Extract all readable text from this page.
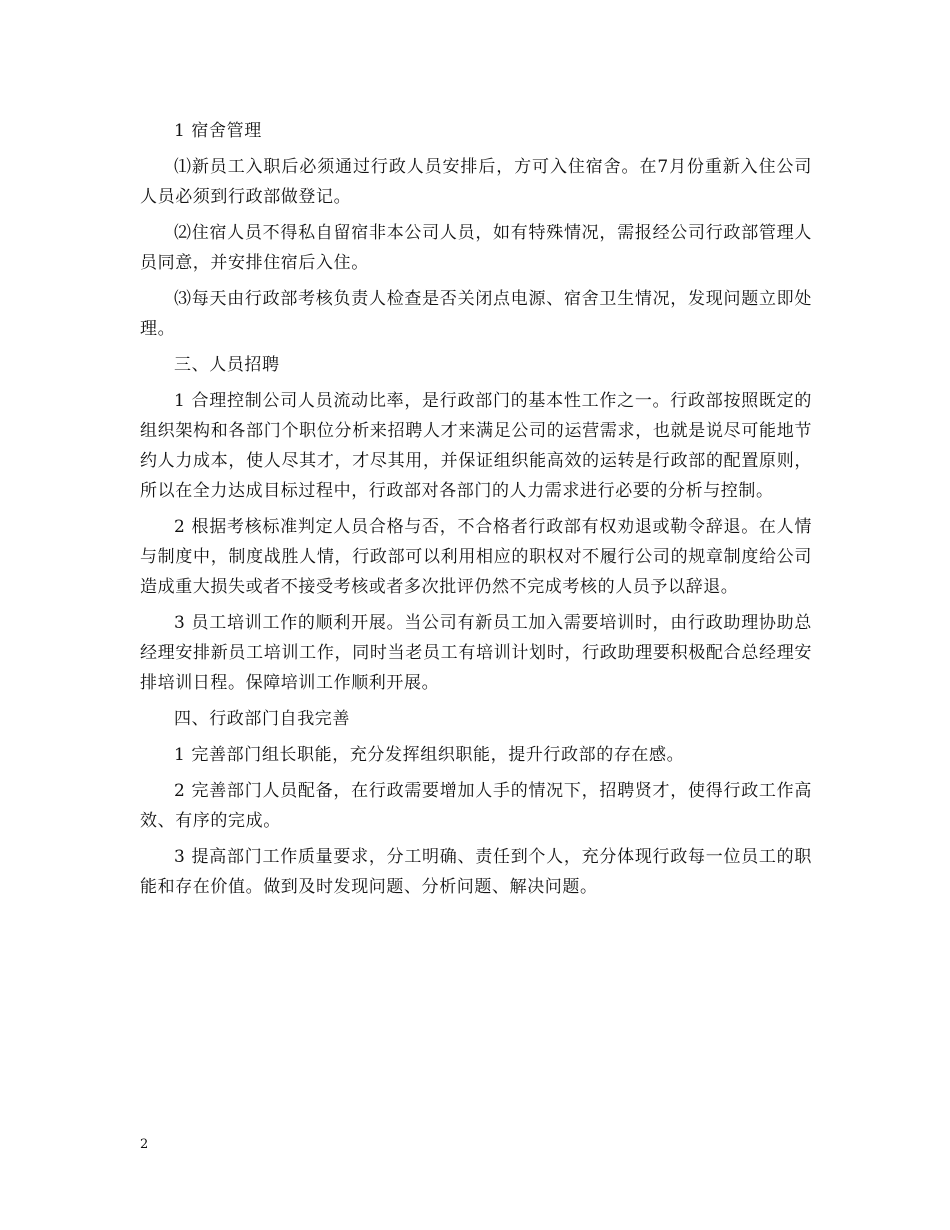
1 宿舍管理

⑴新员工入职后必须通过行政人员安排后，方可入住宿舍。在7月份重新入住公司人员必须到行政部做登记。

⑵住宿人员不得私自留宿非本公司人员，如有特殊情况，需报经公司行政部管理人员同意，并安排住宿后入住。

⑶每天由行政部考核负责人检查是否关闭点电源、宿舍卫生情况，发现问题立即处理。

三、人员招聘

1 合理控制公司人员流动比率，是行政部门的基本性工作之一。行政部按照既定的组织架构和各部门个职位分析来招聘人才来满足公司的运营需求，也就是说尽可能地节约人力成本，使人尽其才，才尽其用，并保证组织能高效的运转是行政部的配置原则，所以在全力达成目标过程中，行政部对各部门的人力需求进行必要的分析与控制。

2 根据考核标准判定人员合格与否，不合格者行政部有权劝退或勒令辞退。在人情与制度中，制度战胜人情，行政部可以利用相应的职权对不履行公司的规章制度给公司造成重大损失或者不接受考核或者多次批评仍然不完成考核的人员予以辞退。

3 员工培训工作的顺利开展。当公司有新员工加入需要培训时，由行政助理协助总经理安排新员工培训工作，同时当老员工有培训计划时，行政助理要积极配合总经理安排培训日程。保障培训工作顺利开展。

四、行政部门自我完善

1 完善部门组长职能，充分发挥组织职能，提升行政部的存在感。

2 完善部门人员配备，在行政需要增加人手的情况下，招聘贤才，使得行政工作高效、有序的完成。

3 提高部门工作质量要求，分工明确、责任到个人，充分体现行政每一位员工的职能和存在价值。做到及时发现问题、分析问题、解决问题。

2
